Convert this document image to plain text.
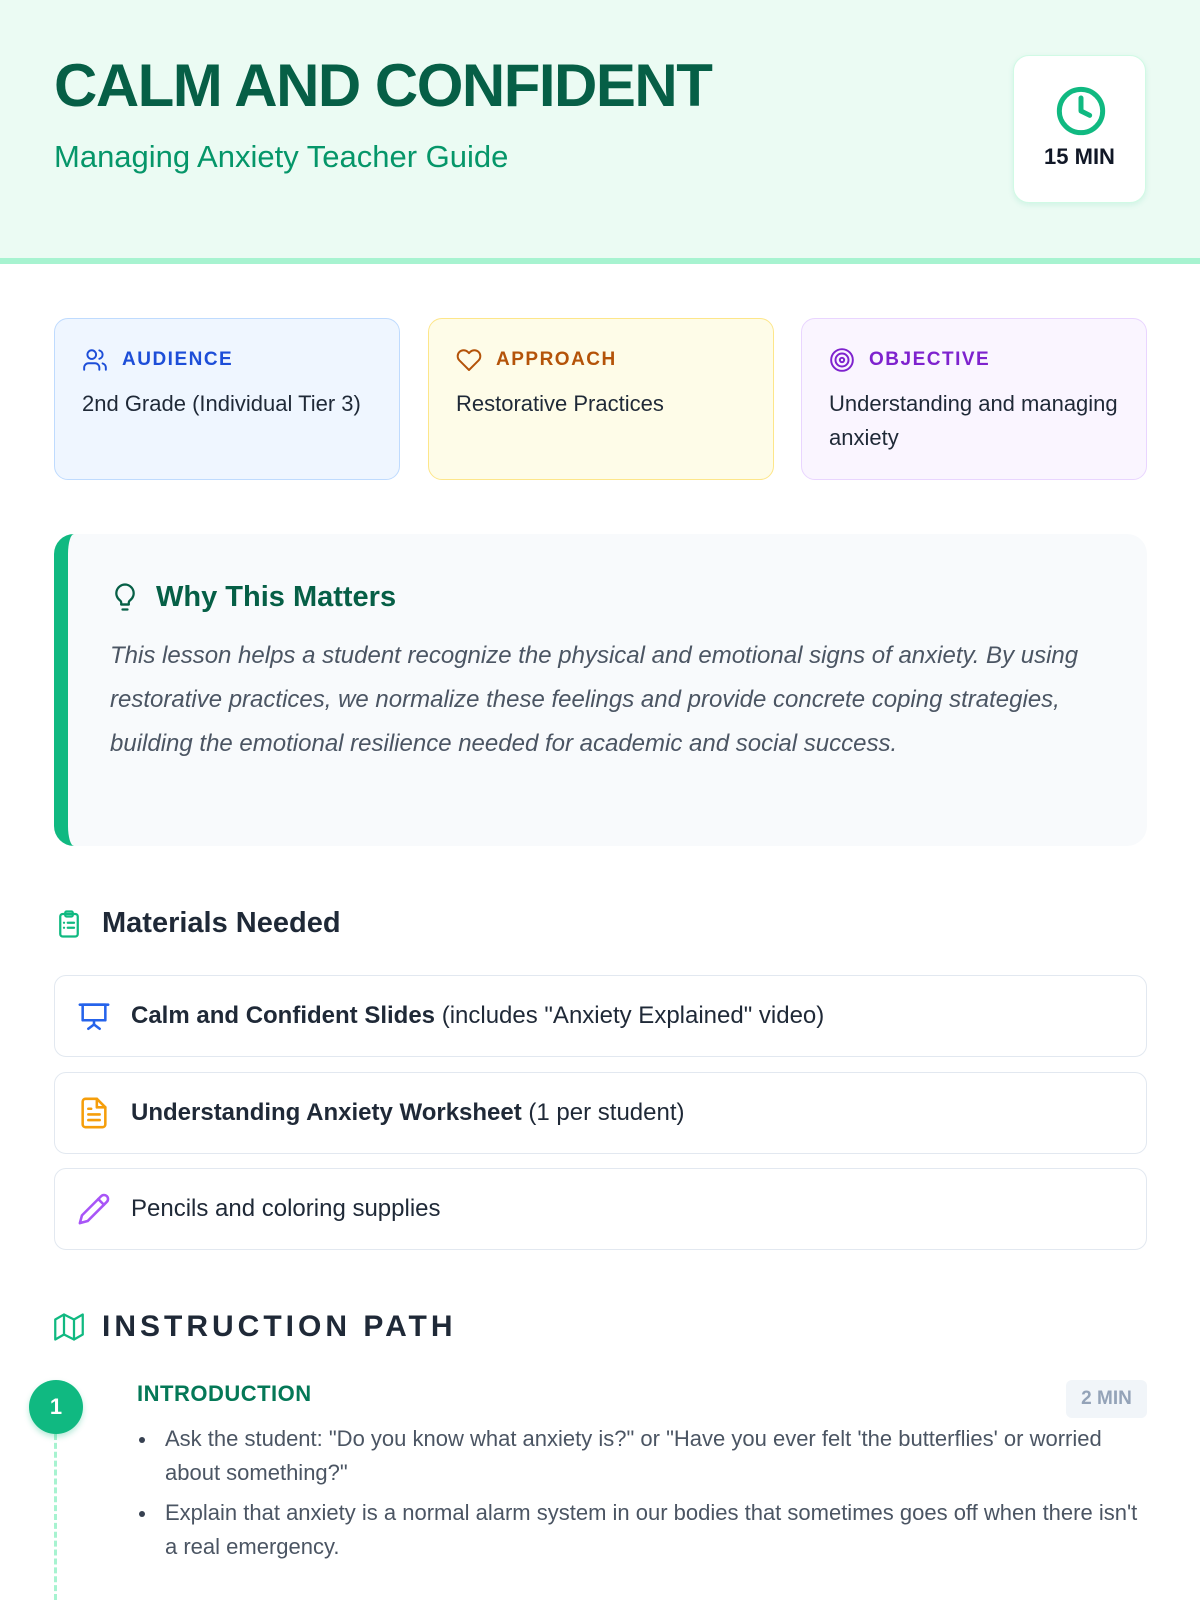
CALM AND CONFIDENT
Managing Anxiety Teacher Guide	15 MIN
AUDIENCE
2nd Grade (Individual Tier 3)
APPROACH
Restorative Practices
OBJECTIVE
Understanding and managing anxiety
Why This Matters

This lesson helps a student recognize the physical and emotional signs of anxiety. By using restorative practices, we normalize these feelings and provide concrete coping strategies, building the emotional resilience needed for academic and social success.

Materials Needed
Calm and Confident Slides (includes "Anxiety Explained" video)
Understanding Anxiety Worksheet (1 per student)
Pencils and coloring supplies
INSTRUCTION PATH
1
INTRODUCTION	2 MIN
Ask the student: "Do you know what anxiety is?" or "Have you ever felt 'the butterflies' or worried about something?"
Explain that anxiety is a normal alarm system in our bodies that sometimes goes off when there isn't a real emergency.
